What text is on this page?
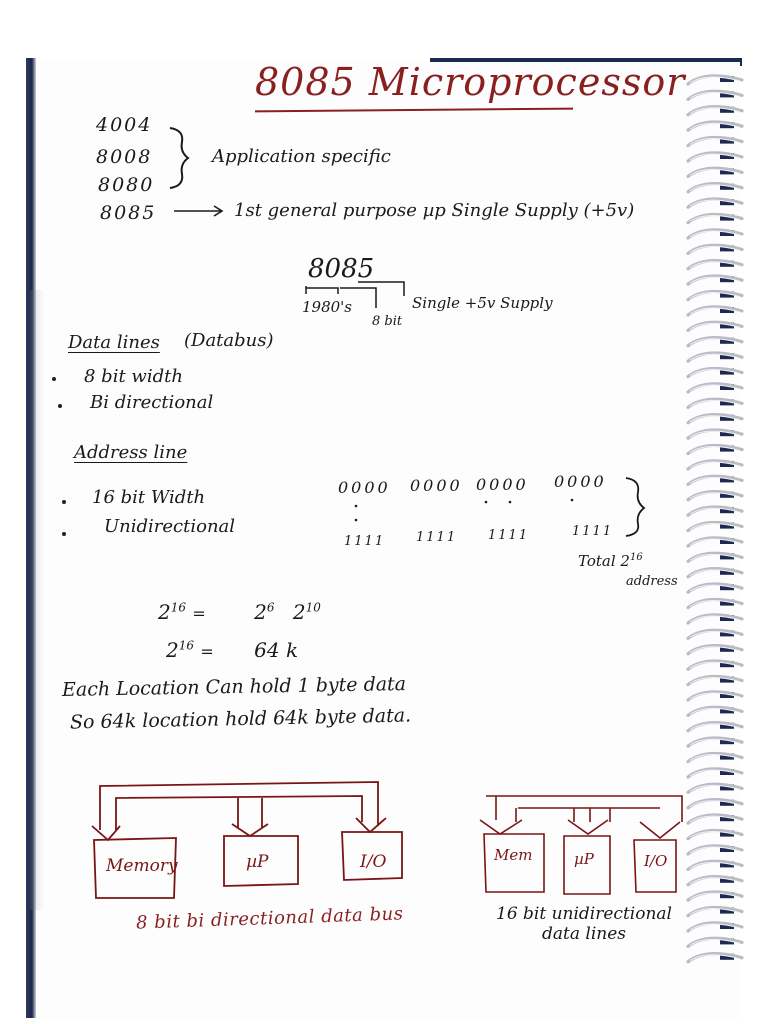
8085 Microprocessor
4004
8008
8080
Application specific
8085	1st general purpose µp Single Supply (+5v)
8085
1980's
8 bit
Single +5v Supply
Data lines (Databus)
8 bit width
Bi directional
Address line
16 bit Width
Unidirectional
0000 0000 0000 0000
1111 1111 1111	1111
Total $2^{16}$
address
$2^{16} = 2^6$ $2^{10}$
$2^{16} = 64$ k
Each Location Can hold 1 byte data
So 64k location hold 64k byte data.
Memory	µP	I/O
8 bit bi directional data bus
Mem	µP	I/O
16 bit unidirectional
data lines
